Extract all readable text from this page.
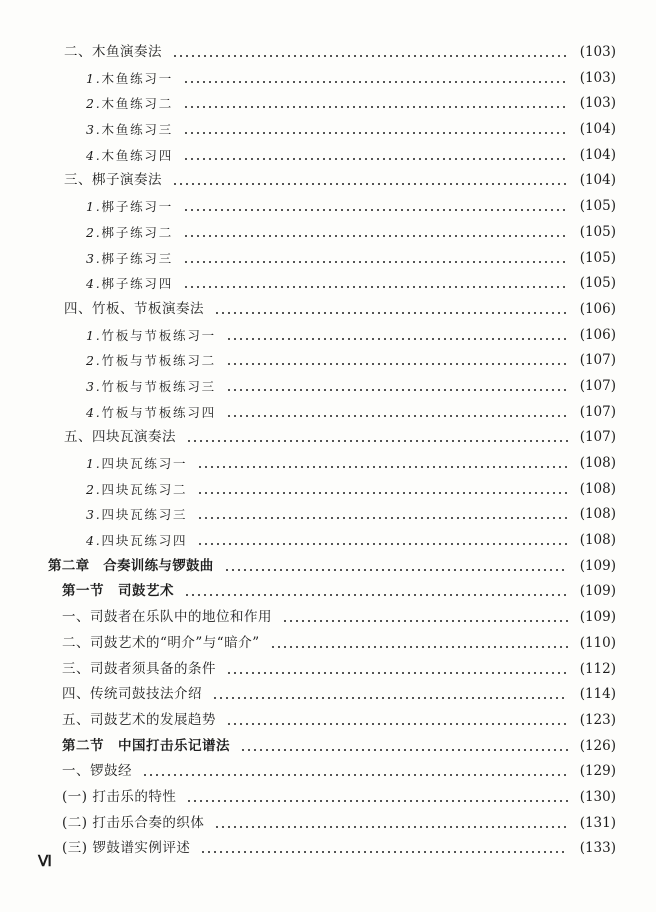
二、木鱼演奏法	(103)
1.木鱼练习一	(103)
2.木鱼练习二	(103)
3.木鱼练习三	(104)
4.木鱼练习四	(104)
三、梆子演奏法	(104)
1.梆子练习一	(105)
2.梆子练习二	(105)
3.梆子练习三	(105)
4.梆子练习四	(105)
四、竹板、节板演奏法	(106)
1.竹板与节板练习一	(106)
2.竹板与节板练习二	(107)
3.竹板与节板练习三	(107)
4.竹板与节板练习四	(107)
五、四块瓦演奏法	(107)
1.四块瓦练习一	(108)
2.四块瓦练习二	(108)
3.四块瓦练习三	(108)
4.四块瓦练习四	(108)
第二章　合奏训练与锣鼓曲	(109)
第一节　司鼓艺术	(109)
一、司鼓者在乐队中的地位和作用	(109)
二、司鼓艺术的“明介”与“暗介”	(110)
三、司鼓者须具备的条件	(112)
四、传统司鼓技法介绍	(114)
五、司鼓艺术的发展趋势	(123)
第二节　中国打击乐记谱法	(126)
一、锣鼓经	(129)
(一) 打击乐的特性	(130)
(二) 打击乐合奏的织体	(131)
(三) 锣鼓谱实例评述	(133)
Ⅵ
